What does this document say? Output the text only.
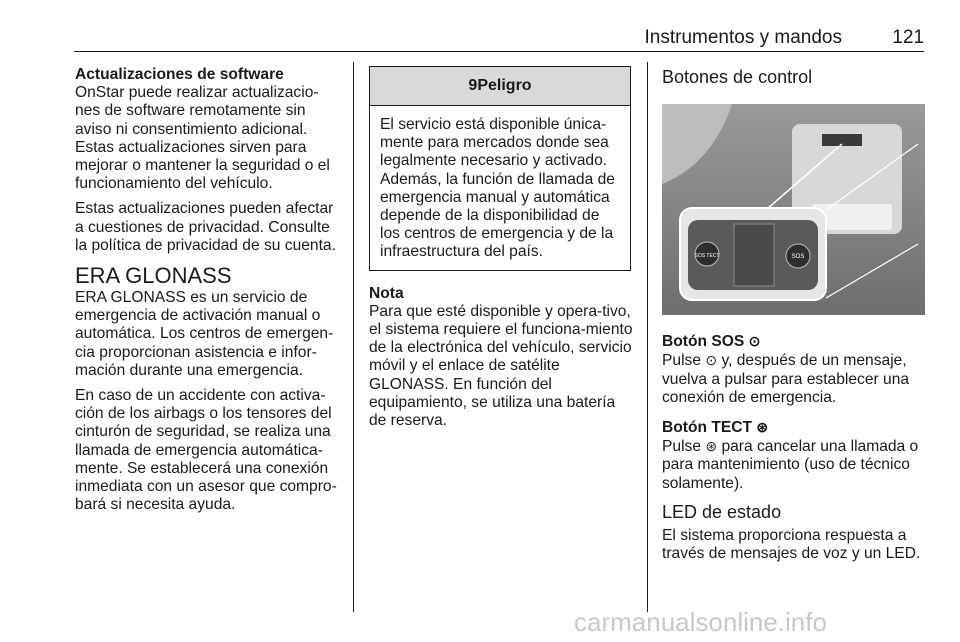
Instrumentos y mandos	121
Actualizaciones de software

OnStar puede realizar actualizacio-nes de software remotamente sin aviso ni consentimiento adicional. Estas actualizaciones sirven para mejorar o mantener la seguridad o el funcionamiento del vehículo.

Estas actualizaciones pueden afectar a cuestiones de privacidad. Consulte la política de privacidad de su cuenta.

ERA GLONASS

ERA GLONASS es un servicio de emergencia de activación manual o automática. Los centros de emergen-cia proporcionan asistencia e infor-mación durante una emergencia.

En caso de un accidente con activa-ción de los airbags o los tensores del cinturón de seguridad, se realiza una llamada de emergencia automática-mente. Se establecerá una conexión inmediata con un asesor que compro-bará si necesita ayuda.

9Peligro
El servicio está disponible única-mente para mercados donde sea legalmente necesario y activado. Además, la función de llamada de emergencia manual y automática depende de la disponibilidad de los centros de emergencia y de la infraestructura del país.
Nota

Para que esté disponible y opera-tivo, el sistema requiere el funciona-miento de la electrónica del vehículo, servicio móvil y el enlace de satélite GLONASS. En función del equipamiento, se utiliza una batería de reserva.

Botones de control
SOS TECT	SOS
Botón SOS ⊙

Pulse ⊙ y, después de un mensaje, vuelva a pulsar para establecer una conexión de emergencia.

Botón TECT ⊛

Pulse ⊛ para cancelar una llamada o para mantenimiento (uso de técnico solamente).

LED de estado

El sistema proporciona respuesta a través de mensajes de voz y un LED.

carmanualsonline.info
